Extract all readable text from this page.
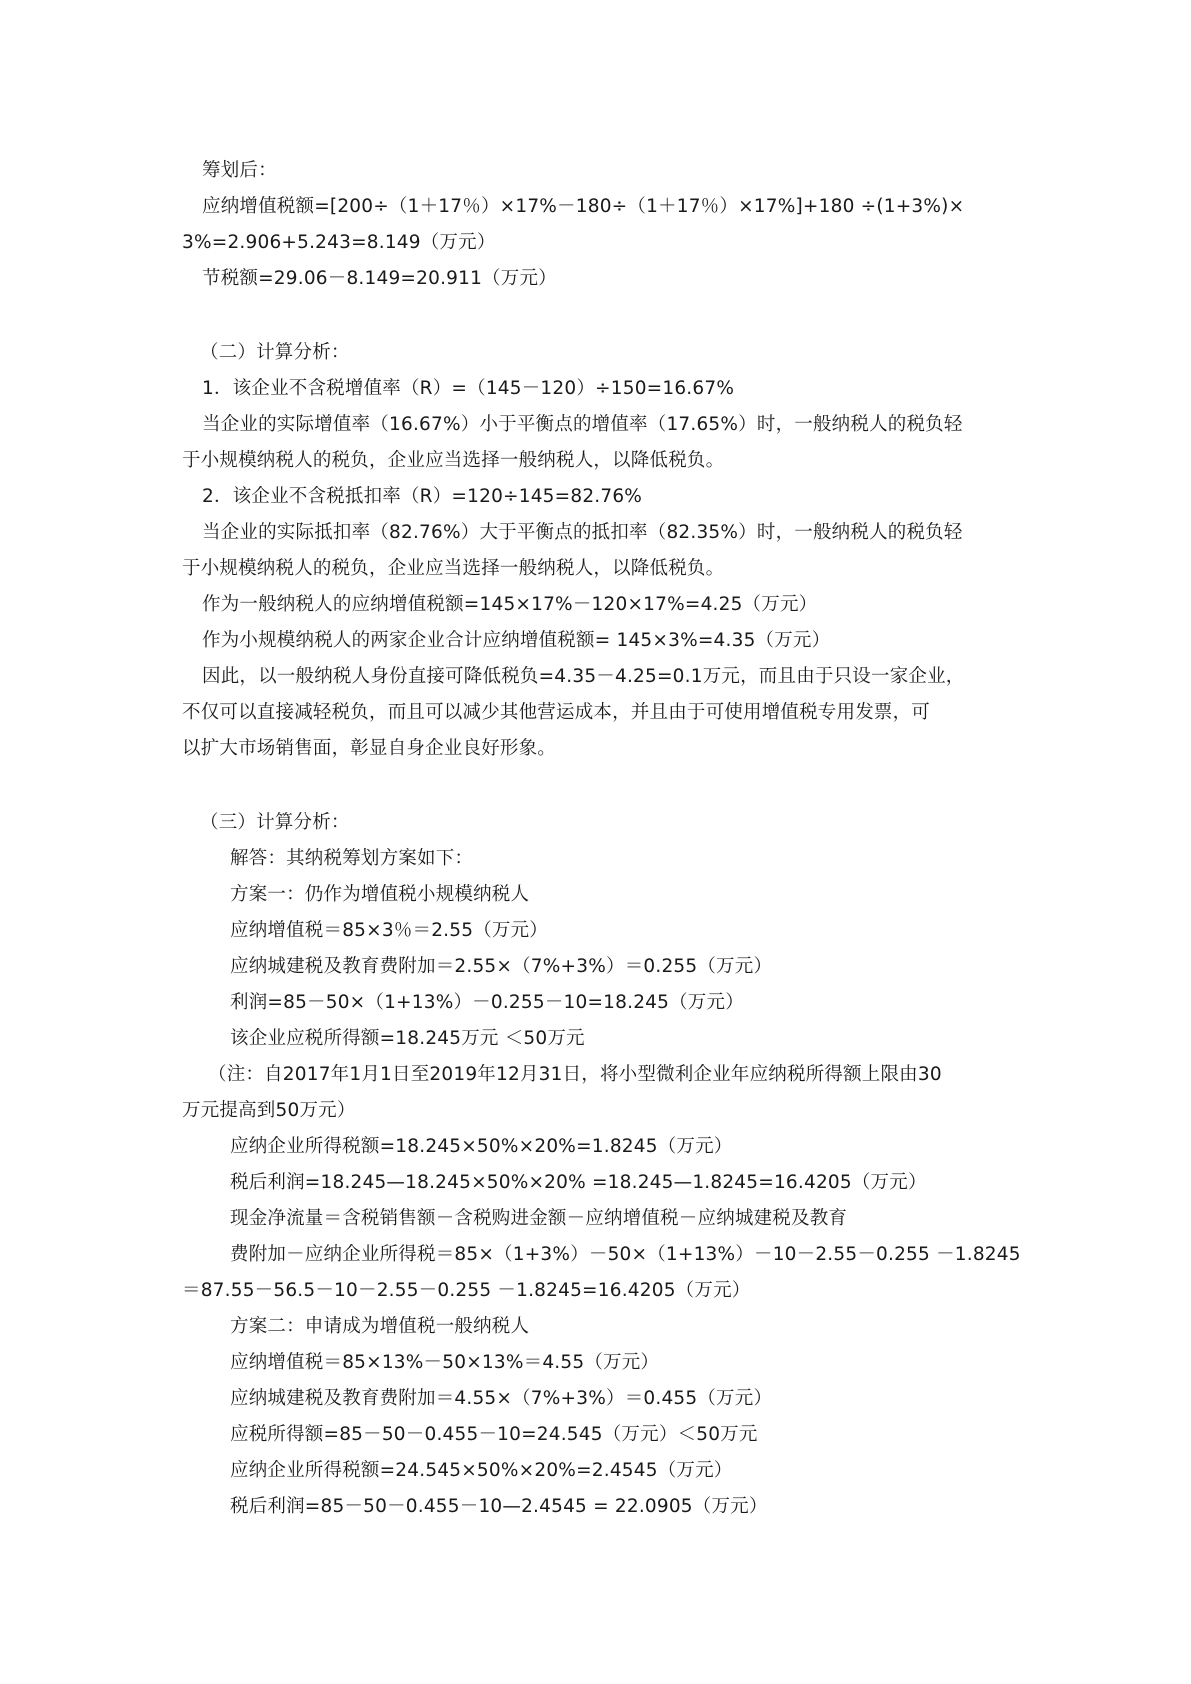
筹划后：
应纳增值税额=[200÷（1＋17％）×17%－180÷（1＋17％）×17%]+180 ÷(1+3%)×
3%=2.906+5.243=8.149（万元）
节税额=29.06－8.149=20.911（万元）
（二）计算分析：
1．该企业不含税增值率（R）=（145－120）÷150=16.67%
当企业的实际增值率（16.67%）小于平衡点的增值率（17.65%）时，一般纳税人的税负轻
于小规模纳税人的税负，企业应当选择一般纳税人，以降低税负。
2．该企业不含税抵扣率（R）=120÷145=82.76%
当企业的实际抵扣率（82.76%）大于平衡点的抵扣率（82.35%）时，一般纳税人的税负轻
于小规模纳税人的税负，企业应当选择一般纳税人，以降低税负。
作为一般纳税人的应纳增值税额=145×17%－120×17%=4.25（万元）
作为小规模纳税人的两家企业合计应纳增值税额= 145×3%=4.35（万元）
因此，以一般纳税人身份直接可降低税负=4.35－4.25=0.1万元，而且由于只设一家企业，
不仅可以直接减轻税负，而且可以减少其他营运成本，并且由于可使用增值税专用发票，可
以扩大市场销售面，彰显自身企业良好形象。
（三）计算分析：
解答：其纳税筹划方案如下：
方案一：仍作为增值税小规模纳税人
应纳增值税＝85×3％＝2.55（万元）
应纳城建税及教育费附加＝2.55×（7%+3%）＝0.255（万元）
利润=85－50×（1+13%）－0.255－10=18.245（万元）
该企业应税所得额=18.245万元 ＜50万元
（注：自2017年1月1日至2019年12月31日，将小型微利企业年应纳税所得额上限由30
万元提高到50万元）
应纳企业所得税额=18.245×50%×20%=1.8245（万元）
税后利润=18.245—18.245×50%×20% =18.245—1.8245=16.4205（万元）
现金净流量＝含税销售额－含税购进金额－应纳增值税－应纳城建税及教育
费附加－应纳企业所得税＝85×（1+3%）－50×（1+13%）－10－2.55－0.255 －1.8245
＝87.55－56.5－10－2.55－0.255 －1.8245=16.4205（万元）
方案二：申请成为增值税一般纳税人
应纳增值税＝85×13%－50×13%＝4.55（万元）
应纳城建税及教育费附加＝4.55×（7%+3%）＝0.455（万元）
应税所得额=85－50－0.455－10=24.545（万元）＜50万元
应纳企业所得税额=24.545×50%×20%=2.4545（万元）
税后利润=85－50－0.455－10—2.4545 = 22.0905（万元）
